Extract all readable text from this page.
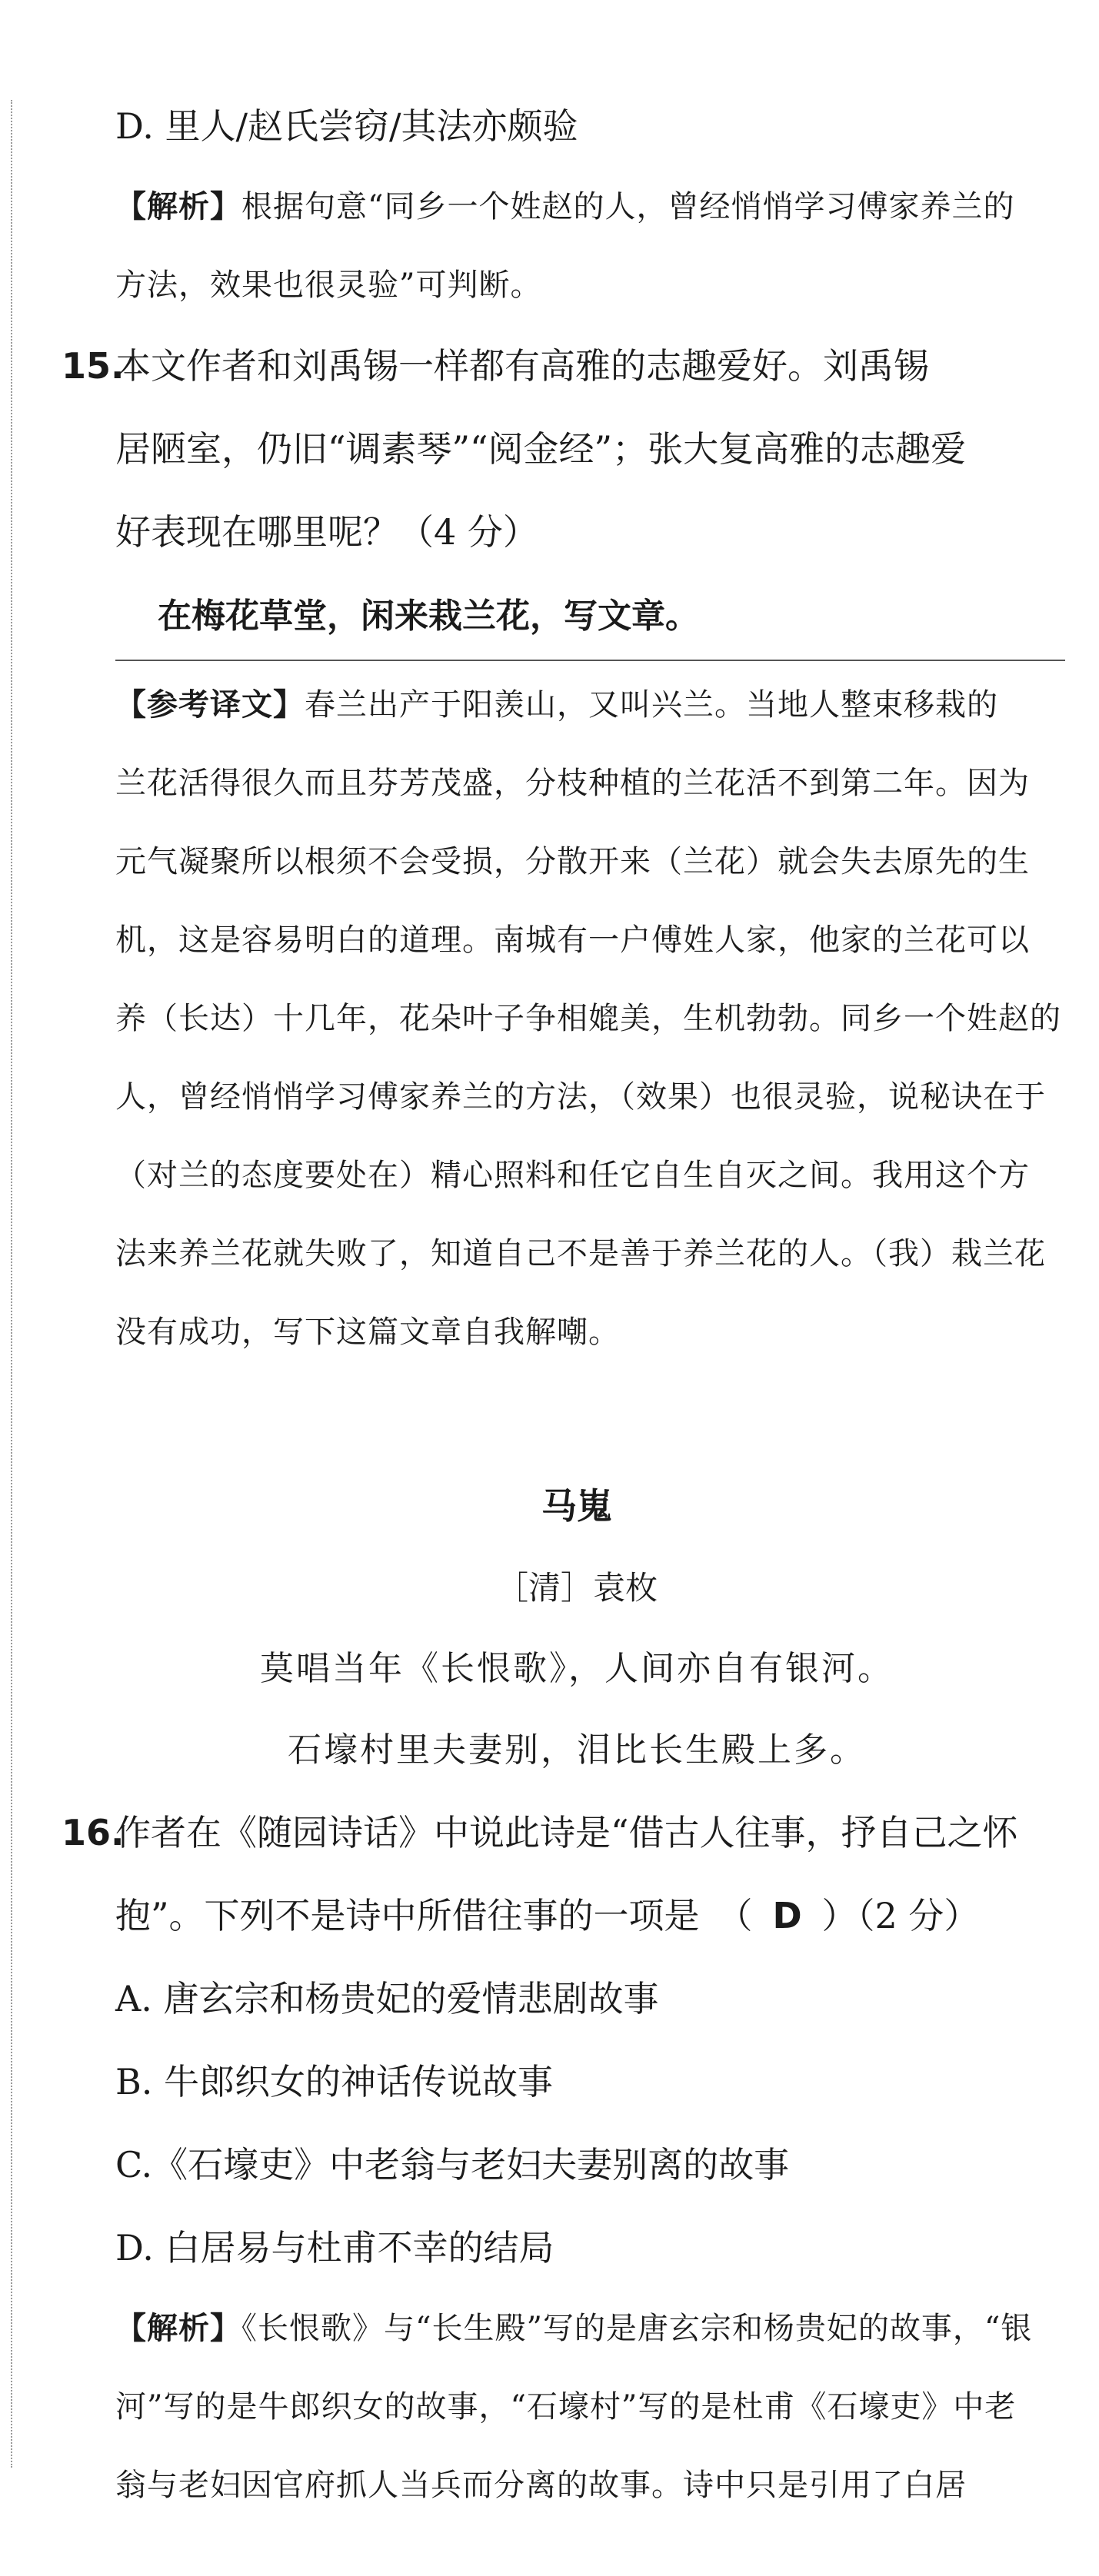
D. 里人/赵氏尝窃/其法亦颇验

【解析】根据句意“同乡一个姓赵的人，曾经悄悄学习傅家养兰的

方法，效果也很灵验”可判断。

15.本文作者和刘禹锡一样都有高雅的志趣爱好。刘禹锡

居陋室，仍旧“调素琴”“阅金经”；张大复高雅的志趣爱

好表现在哪里呢？（4 分）

在梅花草堂，闲来栽兰花，写文章。

【参考译文】春兰出产于阳羡山，又叫兴兰。当地人整束移栽的

兰花活得很久而且芬芳茂盛，分枝种植的兰花活不到第二年。因为

元气凝聚所以根须不会受损，分散开来（兰花）就会失去原先的生

机，这是容易明白的道理。南城有一户傅姓人家，他家的兰花可以

养（长达）十几年，花朵叶子争相媲美，生机勃勃。同乡一个姓赵的

人，曾经悄悄学习傅家养兰的方法，（效果）也很灵验，说秘诀在于

（对兰的态度要处在）精心照料和任它自生自灭之间。我用这个方

法来养兰花就失败了，知道自己不是善于养兰花的人。（我）栽兰花

没有成功，写下这篇文章自我解嘲。

马嵬

［清］袁枚

莫唱当年《长恨歌》，人间亦自有银河。

石壕村里夫妻别，泪比长生殿上多。

16.作者在《随园诗话》中说此诗是“借古人往事，抒自己之怀

抱”。下列不是诗中所借往事的一项是　（ D ）（2 分）

A. 唐玄宗和杨贵妃的爱情悲剧故事

B. 牛郎织女的神话传说故事

C.《石壕吏》中老翁与老妇夫妻别离的故事

D. 白居易与杜甫不幸的结局

【解析】《长恨歌》与“长生殿”写的是唐玄宗和杨贵妃的故事，“银

河”写的是牛郎织女的故事，“石壕村”写的是杜甫《石壕吏》中老

翁与老妇因官府抓人当兵而分离的故事。诗中只是引用了白居
